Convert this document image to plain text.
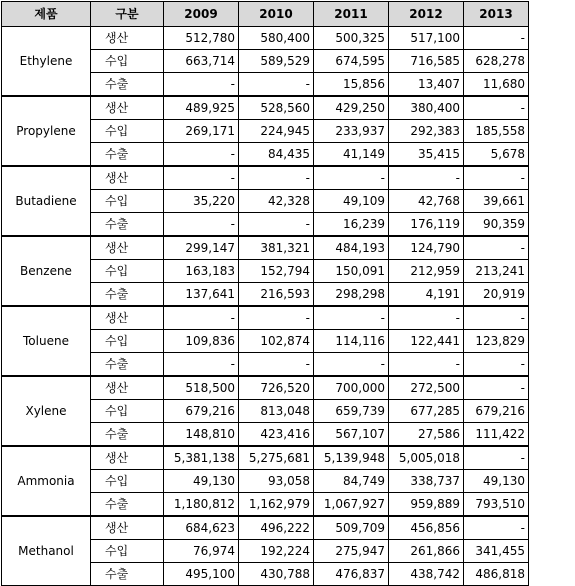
제품	구분	2009	2010	2011	2012	2013
Ethylene	생산	512,780	580,400	500,325	517,100	-
	수입	663,714	589,529	674,595	716,585	628,278
	수출	-	-	15,856	13,407	11,680
Propylene	생산	489,925	528,560	429,250	380,400	-
	수입	269,171	224,945	233,937	292,383	185,558
	수출	-	84,435	41,149	35,415	5,678
Butadiene	생산	-	-	-	-	-
	수입	35,220	42,328	49,109	42,768	39,661
	수출	-	-	16,239	176,119	90,359
Benzene	생산	299,147	381,321	484,193	124,790	-
	수입	163,183	152,794	150,091	212,959	213,241
	수출	137,641	216,593	298,298	4,191	20,919
Toluene	생산	-	-	-	-	-
	수입	109,836	102,874	114,116	122,441	123,829
	수출	-	-	-	-	-
Xylene	생산	518,500	726,520	700,000	272,500	-
	수입	679,216	813,048	659,739	677,285	679,216
	수출	148,810	423,416	567,107	27,586	111,422
Ammonia	생산	5,381,138	5,275,681	5,139,948	5,005,018	-
	수입	49,130	93,058	84,749	338,737	49,130
	수출	1,180,812	1,162,979	1,067,927	959,889	793,510
Methanol	생산	684,623	496,222	509,709	456,856	-
	수입	76,974	192,224	275,947	261,866	341,455
	수출	495,100	430,788	476,837	438,742	486,818
